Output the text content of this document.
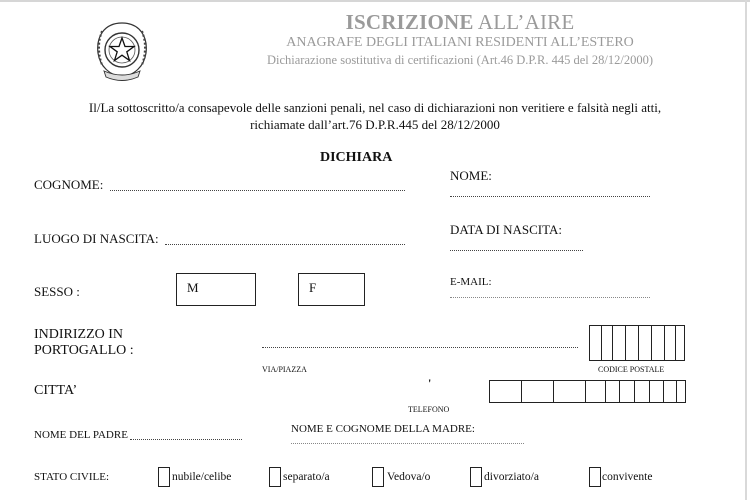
ISCRIZIONE ALL’AIRE
ANAGRAFE DEGLI ITALIANI RESIDENTI ALL’ESTERO
Dichiarazione sostitutiva di certificazioni (Art.46 D.P.R. 445 del 28/12/2000)
Il/La sottoscritto/a consapevole delle sanzioni penali, nel caso di dichiarazioni non veritiere e falsità negli atti,
richiamate dall’art.76 D.P.R.445 del 28/12/2000
DICHIARA
COGNOME:
NOME:
LUOGO DI NASCITA:
DATA DI NASCITA:
SESSO :	M	F	E-MAIL:
INDIRIZZO IN
PORTOGALLO :
VIA/PIAZZA	CODICE POSTALE
CITTA’	'
TELEFONO
NOME DEL PADRE	NOME E COGNOME DELLA MADRE:
STATO CIVILE:	nubile/celibe	separato/a	Vedova/o	divorziato/a	convivente
